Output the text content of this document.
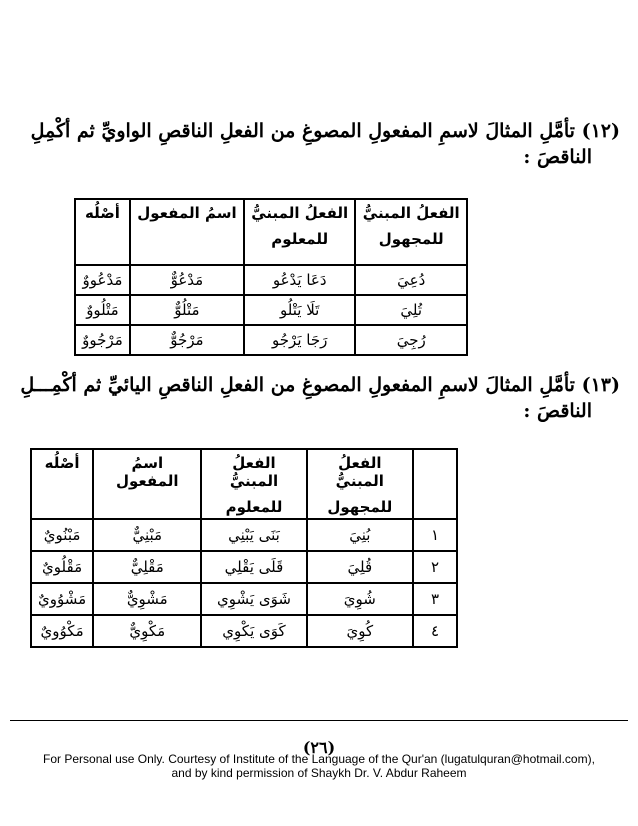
(١٢) تأمَّلِ المثالَ لاسمِ المفعولِ المصوغِ من الفعلِ الناقصِ الواويِّ ثم أكْمِلِ
الناقصَ :
الفعلُ المبنيُّ
للمجهول	الفعلُ المبنيُّ
للمعلوم	اسمُ المفعول	أصْلُه

دُعِيَ	دَعَا يَدْعُو	مَدْعُوٌّ	مَدْعُووٌ
تُلِيَ	تَلَا يَتْلُو	مَتْلُوٌّ	مَتْلُووٌ
رُجِيَ	رَجَا يَرْجُو	مَرْجُوٌّ	مَرْجُووٌ
(١٣) تأمَّلِ المثالَ لاسمِ المفعولِ المصوغِ من الفعلِ الناقصِ اليائيِّ ثم أكْمِـــلِ
الناقصَ :

	الفعلُ المبنيُّ
للمجهول	الفعلُ المبنيُّ
للمعلوم	اسمُ المفعول	أصْلُه

١	بُنِيَ	بَنَى يَبْنِي	مَبْنِيٌّ	مَبْنُويٌ
٢	قُلِيَ	قَلَى يَقْلِي	مَقْلِيٌّ	مَقْلُويٌ
٣	شُوِيَ	شَوَى يَشْوِي	مَشْوِيٌّ	مَشْوُويٌ
٤	كُوِيَ	كَوَى يَكْوِي	مَكْوِيٌّ	مَكْوُويٌ
(٢٦)
For Personal use Only. Courtesy of Institute of the Language of the Qur'an (lugatulquran@hotmail.com),
and by kind permission of Shaykh Dr. V. Abdur Raheem
